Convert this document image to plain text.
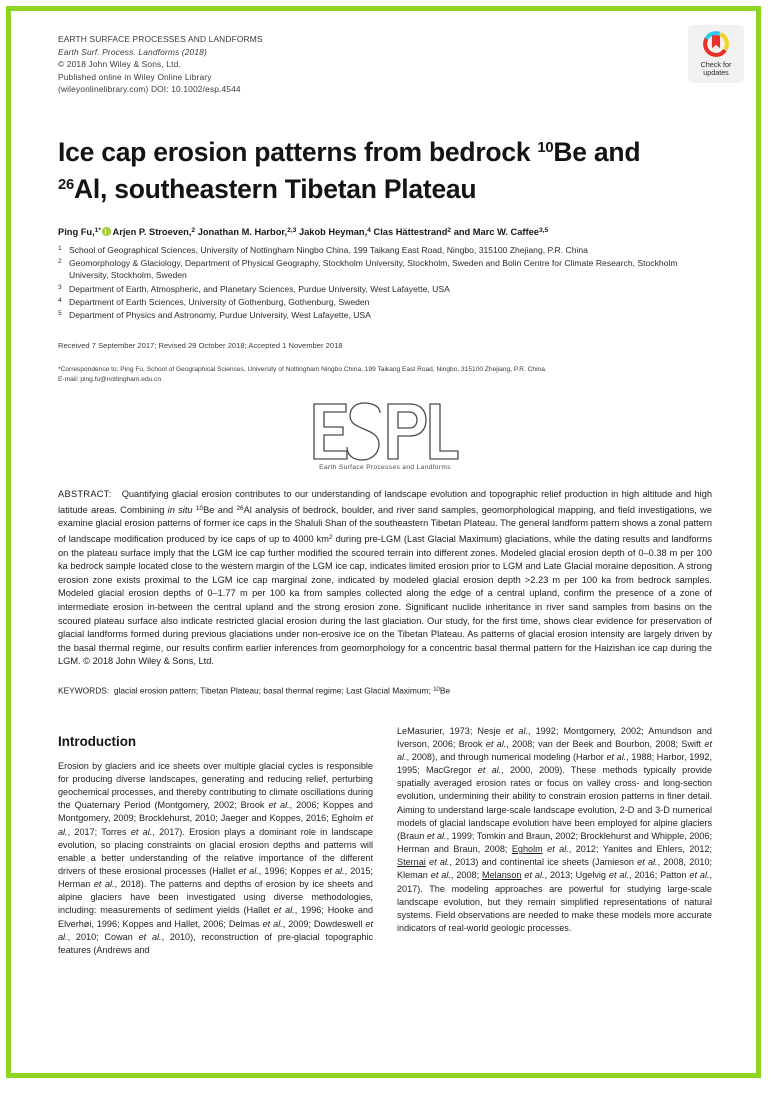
EARTH SURFACE PROCESSES AND LANDFORMS
Earth Surf. Process. Landforms (2018)
© 2018 John Wiley & Sons, Ltd.
Published online in Wiley Online Library
(wileyonlinelibrary.com) DOI: 10.1002/esp.4544
Check for
updates
Ice cap erosion patterns from bedrock $^{10}$Be and
$^{26}$Al, southeastern Tibetan Plateau
Ping Fu,$^{1*}$ Arjen P. Stroeven,$^2$ Jonathan M. Harbor,$^{2,3}$ Jakob Heyman,$^4$ Clas Hättestrand$^2$ and Marc W. Caffee$^{3,5}$
$^1$ School of Geographical Sciences, University of Nottingham Ningbo China, 199 Taikang East Road, Ningbo, 315100 Zhejiang, P.R. China
$^2$ Geomorphology & Glaciology, Department of Physical Geography, Stockholm University, Stockholm, Sweden and Bolin Centre for Climate Research, Stockholm University, Stockholm, Sweden
$^3$ Department of Earth, Atmospheric, and Planetary Sciences, Purdue University, West Lafayette, USA
$^4$ Department of Earth Sciences, University of Gothenburg, Gothenburg, Sweden
$^5$ Department of Physics and Astronomy, Purdue University, West Lafayette, USA
Received 7 September 2017; Revised 29 October 2018; Accepted 1 November 2018
*Correspondence to: Ping Fu, School of Geographical Sciences, University of Nottingham Ningbo China, 199 Taikang East Road, Ningbo, 315100 Zhejiang, P.R. China.
E-mail: ping.fu@nottingham.edu.cn
Earth Surface Processes and Landforms
ABSTRACT: Quantifying glacial erosion contributes to our understanding of landscape evolution and topographic relief production in high altitude and high latitude areas. Combining in situ $^{10}$Be and $^{26}$Al analysis of bedrock, boulder, and river sand samples, geomorphological mapping, and field investigations, we examine glacial erosion patterns of former ice caps in the Shaluli Shan of the southeastern Tibetan Plateau. The general landform pattern shows a zonal pattern of landscape modification produced by ice caps of up to 4000 $km^2$ during pre-LGM (Last Glacial Maximum) glaciations, while the dating results and landforms on the plateau surface imply that the LGM ice cap further modified the scoured terrain into different zones. Modeled glacial erosion depth of 0–0.38 m per 100 ka bedrock sample located close to the western margin of the LGM ice cap, indicates limited erosion prior to LGM and Late Glacial moraine deposition. A strong erosion zone exists proximal to the LGM ice cap marginal zone, indicated by modeled glacial erosion depth >2.23 m per 100 ka from bedrock samples. Modeled glacial erosion depths of 0–1.77 m per 100 ka from samples collected along the edge of a central upland, confirm the presence of a zone of intermediate erosion in-between the central upland and the strong erosion zone. Significant nuclide inheritance in river sand samples from basins on the scoured plateau surface also indicate restricted glacial erosion during the last glaciation. Our study, for the first time, shows clear evidence for preservation of glacial landforms formed during previous glaciations under non-erosive ice on the Tibetan Plateau. As patterns of glacial erosion intensity are largely driven by the basal thermal regime, our results confirm earlier inferences from geomorphology for a concentric basal thermal pattern for the Haizishan ice cap during the LGM. © 2018 John Wiley & Sons, Ltd.
KEYWORDS: glacial erosion pattern; Tibetan Plateau; basal thermal regime; Last Glacial Maximum; $^{10}$Be
Introduction

Erosion by glaciers and ice sheets over multiple glacial cycles is responsible for producing diverse landscapes, generating and reducing relief, perturbing geochemical processes, and thereby contributing to climate oscillations during the Quaternary Period (Montgomery, 2002; Brook et al., 2006; Koppes and Montgomery, 2009; Brocklehurst, 2010; Jaeger and Koppes, 2016; Egholm et al., 2017; Torres et al., 2017). Erosion plays a dominant role in landscape evolution, so placing constraints on glacial erosion depths and patterns will enable a better understanding of the relative importance of the different drivers of these erosional processes (Hallet et al., 1996; Koppes et al., 2015; Herman et al., 2018). The patterns and depths of erosion by ice sheets and alpine glaciers have been investigated using diverse methodologies, including: measurements of sediment yields (Hallet et al., 1996; Hooke and Elverhøi, 1996; Koppes and Hallet, 2006; Delmas et al., 2009; Dowdeswell et al., 2010; Cowan et al., 2010), reconstruction of pre-glacial topographic features (Andrews and

LeMasurier, 1973; Nesje et al., 1992; Montgomery, 2002; Amundson and Iverson, 2006; Brook et al., 2008; van der Beek and Bourbon, 2008; Swift et al., 2008), and through numerical modeling (Harbor et al., 1988; Harbor, 1992, 1995; MacGregor et al., 2000, 2009). These methods typically provide spatially averaged erosion rates or focus on valley cross- and long-section evolution, undermining their ability to constrain erosion patterns in finer detail. Aiming to understand large-scale landscape evolution, 2-D and 3-D numerical models of glacial landscape evolution have been employed for alpine glaciers (Braun et al., 1999; Tomkin and Braun, 2002; Brocklehurst and Whipple, 2006; Herman and Braun, 2008; Egholm et al., 2012; Yanites and Ehlers, 2012; Sternai et al., 2013) and continental ice sheets (Jamieson et al., 2008, 2010; Kleman et al., 2008; Melanson et al., 2013; Ugelvig et al., 2016; Patton et al., 2017). The modeling approaches are powerful for studying large-scale landscape evolution, but they remain simplified representations of natural systems. Field observations are needed to make these models more accurate indicators of real-world geologic processes.
